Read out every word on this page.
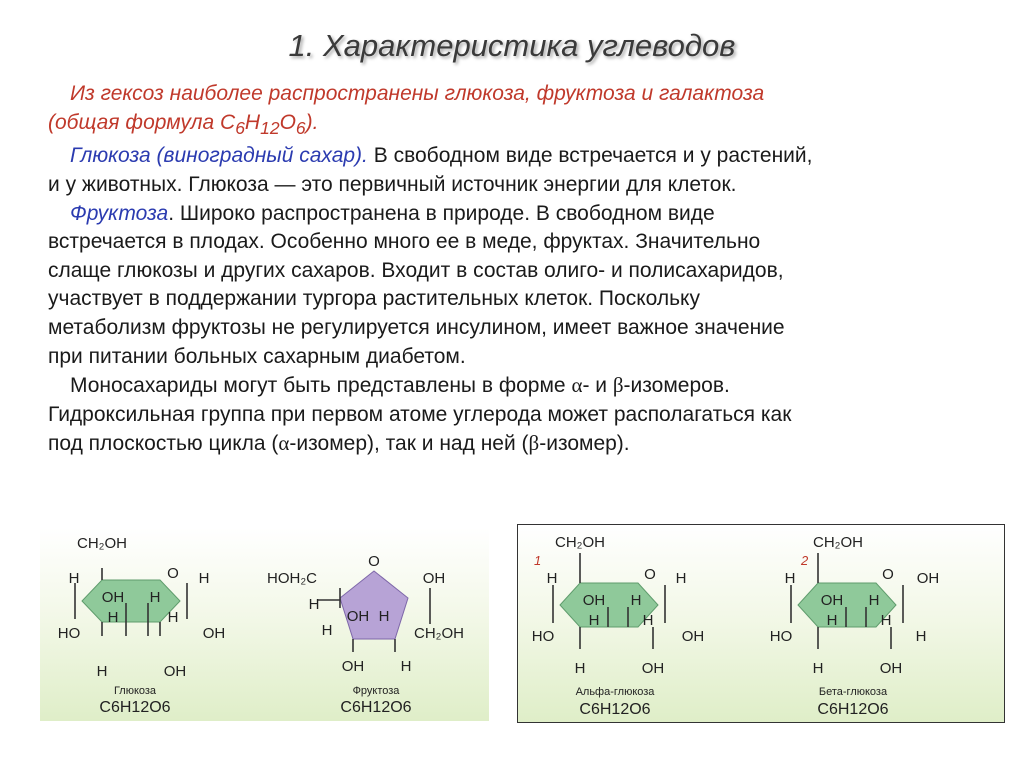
1. Характеристика углеводов

Из гексоз наиболее распространены глюкоза, фруктоза и галактоза

(общая формула $С_6Н_{12}О_6$).

Глюкоза (виноградный сахар). В свободном виде встречается и у растений,

и у животных. Глюкоза — это первичный источник энергии для клеток.

Фруктоза. Широко распространена в природе. В свободном виде

встречается в плодах. Особенно много ее в меде, фруктах. Значительно

слаще глюкозы и других сахаров. Входит в состав олиго- и полисахаридов,

участвует в поддержании тургора растительных клеток. Поскольку

метаболизм фруктозы не регулируется инсулином, имеет важное значение

при питании больных сахарным диабетом.

Моносахариды могут быть представлены в форме α- и β-изомеров.

Гидроксильная группа при первом атоме углерода может располагаться как

под плоскостью цикла (α-изомер), так и над ней (β-изомер).

CH₂OH
O
H	H
OH H
HO	OH
H	H
H	OH
Глюкоза
C6H12O6
O
HOH₂C
H
OH
H
H
OH
CH₂OH
OH H
Фруктоза
C6H12O6
1	2
CH₂OH
O
H	H
OH H
HO	OH
H	H
H	OH
Альфа-глюкоза
C6H12O6
CH₂OH
O
H	OH
OH H
HO	H
H	H
H	OH
Бета-глюкоза
C6H12O6
